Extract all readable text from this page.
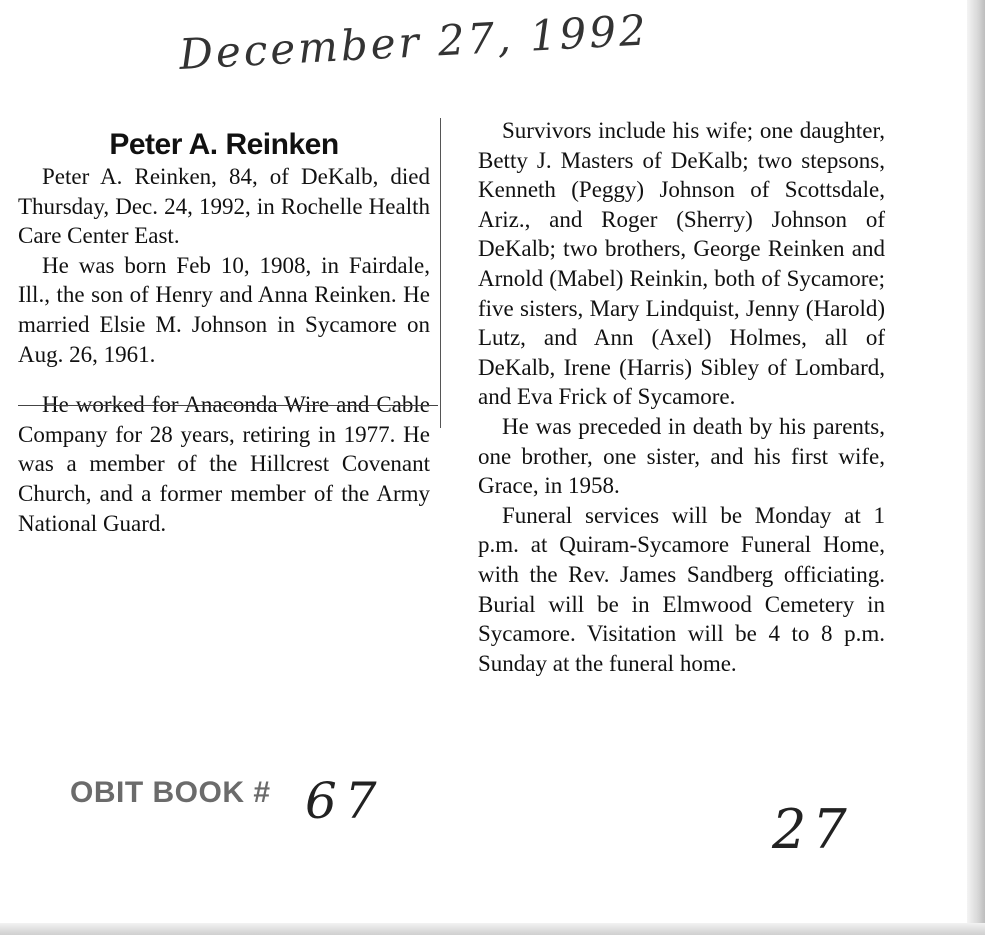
December 27, 1992
Peter A. Reinken

Peter A. Reinken, 84, of DeKalb, died Thursday, Dec. 24, 1992, in Rochelle Health Care Center East.

He was born Feb 10, 1908, in Fairdale, Ill., the son of Henry and Anna Reinken. He married Elsie M. Johnson in Sycamore on Aug. 26, 1961.

He worked for Anaconda Wire and Cable Company for 28 years, retiring in 1977. He was a member of the Hillcrest Covenant Church, and a former member of the Army National Guard.

Survivors include his wife; one daughter, Betty J. Masters of DeKalb; two stepsons, Kenneth (Peggy) Johnson of Scottsdale, Ariz., and Roger (Sherry) Johnson of DeKalb; two brothers, George Reinken and Arnold (Mabel) Reinkin, both of Sycamore; five sisters, Mary Lindquist, Jenny (Harold) Lutz, and Ann (Axel) Holmes, all of DeKalb, Irene (Harris) Sibley of Lombard, and Eva Frick of Sycamore.

He was preceded in death by his parents, one brother, one sister, and his first wife, Grace, in 1958.

Funeral services will be Monday at 1 p.m. at Quiram-Sycamore Funeral Home, with the Rev. James Sandberg officiating. Burial will be in Elmwood Cemetery in Sycamore. Visitation will be 4 to 8 p.m. Sunday at the funeral home.

OBIT BOOK # 67	27
